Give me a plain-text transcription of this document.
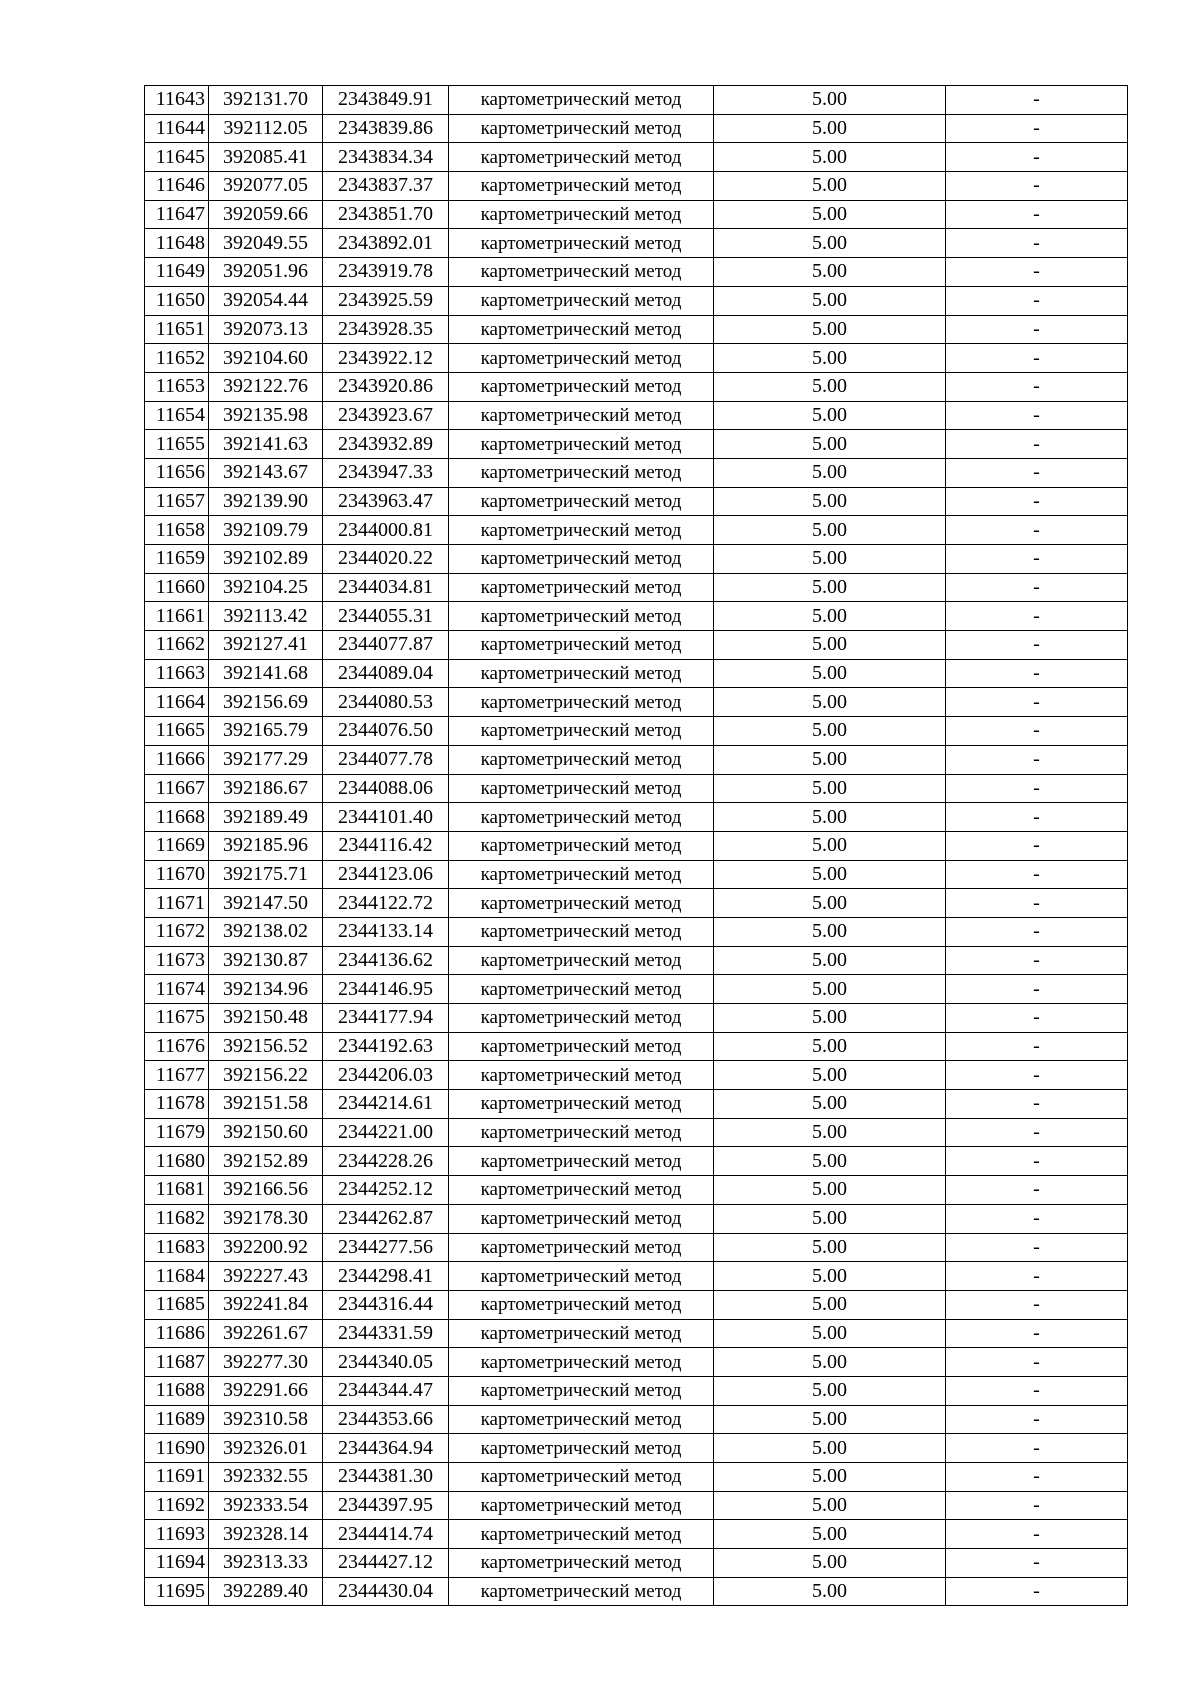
11643	392131.70	2343849.91	картометрический метод	5.00	-
11644	392112.05	2343839.86	картометрический метод	5.00	-
11645	392085.41	2343834.34	картометрический метод	5.00	-
11646	392077.05	2343837.37	картометрический метод	5.00	-
11647	392059.66	2343851.70	картометрический метод	5.00	-
11648	392049.55	2343892.01	картометрический метод	5.00	-
11649	392051.96	2343919.78	картометрический метод	5.00	-
11650	392054.44	2343925.59	картометрический метод	5.00	-
11651	392073.13	2343928.35	картометрический метод	5.00	-
11652	392104.60	2343922.12	картометрический метод	5.00	-
11653	392122.76	2343920.86	картометрический метод	5.00	-
11654	392135.98	2343923.67	картометрический метод	5.00	-
11655	392141.63	2343932.89	картометрический метод	5.00	-
11656	392143.67	2343947.33	картометрический метод	5.00	-
11657	392139.90	2343963.47	картометрический метод	5.00	-
11658	392109.79	2344000.81	картометрический метод	5.00	-
11659	392102.89	2344020.22	картометрический метод	5.00	-
11660	392104.25	2344034.81	картометрический метод	5.00	-
11661	392113.42	2344055.31	картометрический метод	5.00	-
11662	392127.41	2344077.87	картометрический метод	5.00	-
11663	392141.68	2344089.04	картометрический метод	5.00	-
11664	392156.69	2344080.53	картометрический метод	5.00	-
11665	392165.79	2344076.50	картометрический метод	5.00	-
11666	392177.29	2344077.78	картометрический метод	5.00	-
11667	392186.67	2344088.06	картометрический метод	5.00	-
11668	392189.49	2344101.40	картометрический метод	5.00	-
11669	392185.96	2344116.42	картометрический метод	5.00	-
11670	392175.71	2344123.06	картометрический метод	5.00	-
11671	392147.50	2344122.72	картометрический метод	5.00	-
11672	392138.02	2344133.14	картометрический метод	5.00	-
11673	392130.87	2344136.62	картометрический метод	5.00	-
11674	392134.96	2344146.95	картометрический метод	5.00	-
11675	392150.48	2344177.94	картометрический метод	5.00	-
11676	392156.52	2344192.63	картометрический метод	5.00	-
11677	392156.22	2344206.03	картометрический метод	5.00	-
11678	392151.58	2344214.61	картометрический метод	5.00	-
11679	392150.60	2344221.00	картометрический метод	5.00	-
11680	392152.89	2344228.26	картометрический метод	5.00	-
11681	392166.56	2344252.12	картометрический метод	5.00	-
11682	392178.30	2344262.87	картометрический метод	5.00	-
11683	392200.92	2344277.56	картометрический метод	5.00	-
11684	392227.43	2344298.41	картометрический метод	5.00	-
11685	392241.84	2344316.44	картометрический метод	5.00	-
11686	392261.67	2344331.59	картометрический метод	5.00	-
11687	392277.30	2344340.05	картометрический метод	5.00	-
11688	392291.66	2344344.47	картометрический метод	5.00	-
11689	392310.58	2344353.66	картометрический метод	5.00	-
11690	392326.01	2344364.94	картометрический метод	5.00	-
11691	392332.55	2344381.30	картометрический метод	5.00	-
11692	392333.54	2344397.95	картометрический метод	5.00	-
11693	392328.14	2344414.74	картометрический метод	5.00	-
11694	392313.33	2344427.12	картометрический метод	5.00	-
11695	392289.40	2344430.04	картометрический метод	5.00	-
